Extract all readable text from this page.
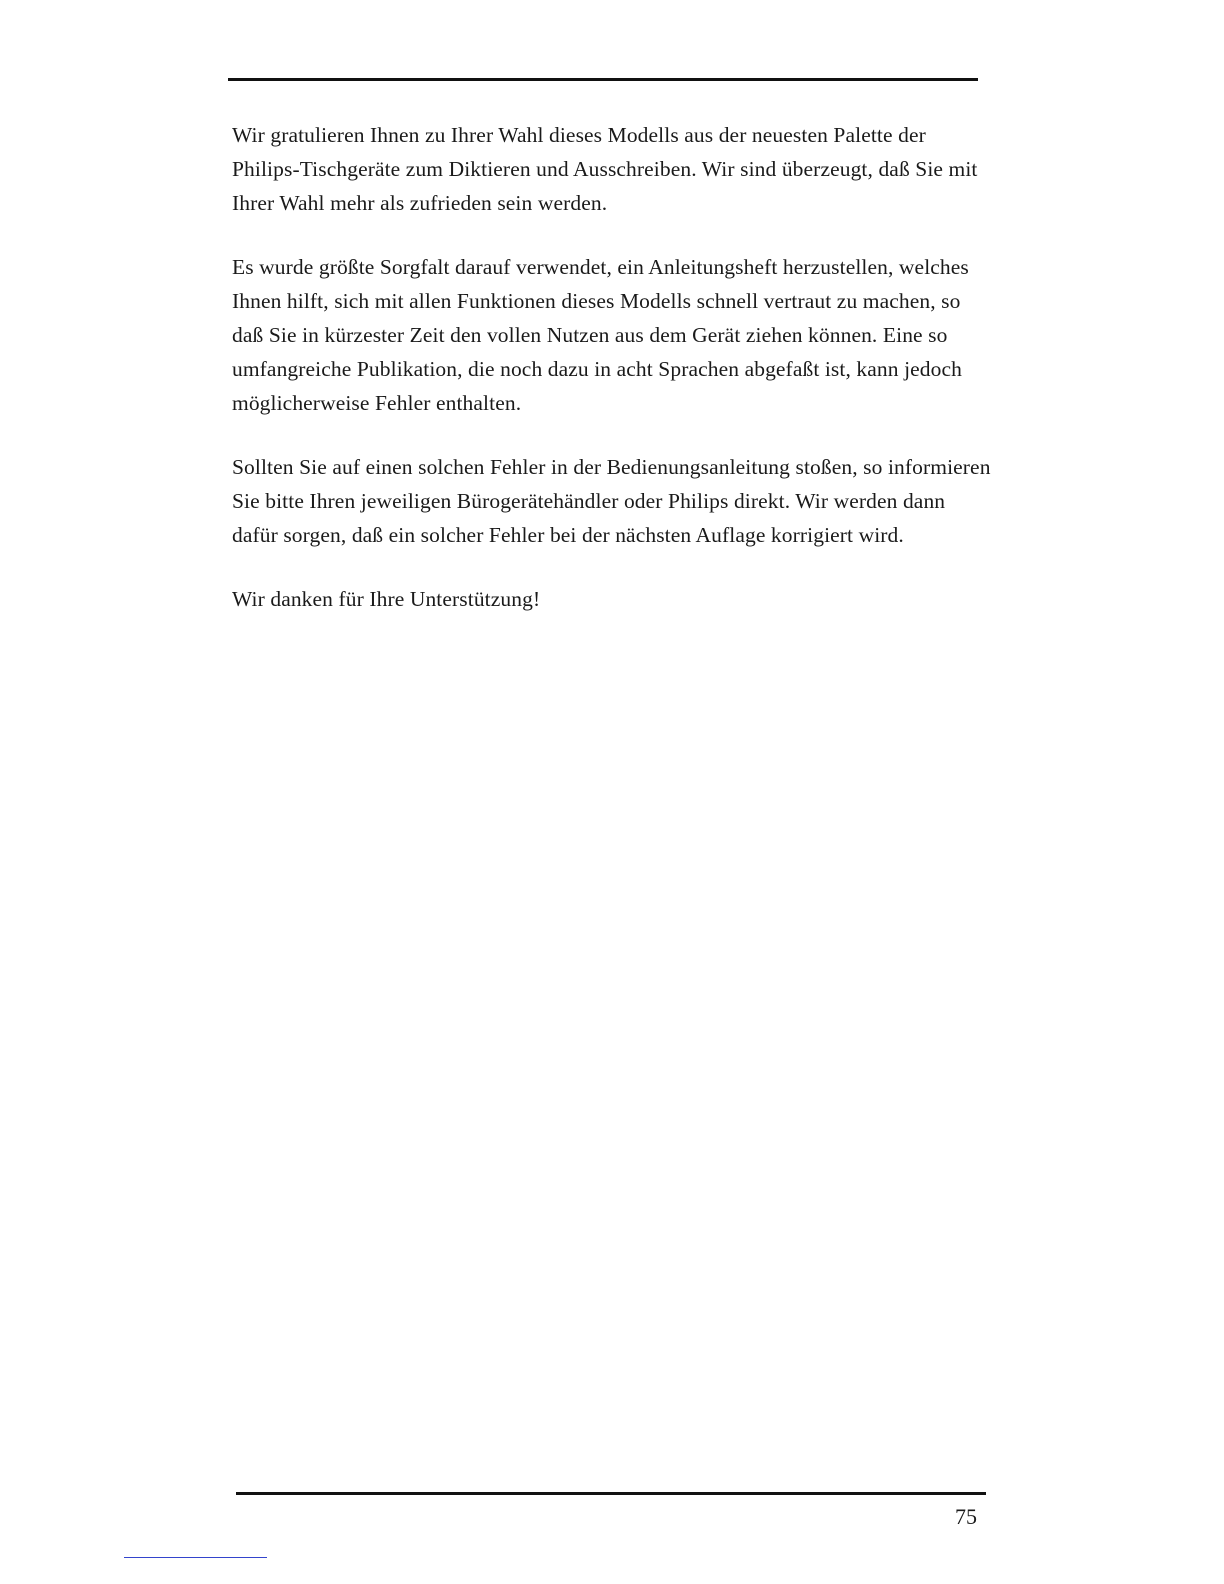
Wir gratulieren Ihnen zu Ihrer Wahl dieses Modells aus der neuesten Palette der Philips-Tischgeräte zum Diktieren und Ausschreiben. Wir sind überzeugt, daß Sie mit Ihrer Wahl mehr als zufrieden sein werden.

Es wurde größte Sorgfalt darauf verwendet, ein Anleitungsheft herzustellen, welches Ihnen hilft, sich mit allen Funktionen dieses Modells schnell vertraut zu machen, so daß Sie in kürzester Zeit den vollen Nutzen aus dem Gerät ziehen können. Eine so umfangreiche Publikation, die noch dazu in acht Sprachen abgefaßt ist, kann jedoch möglicherweise Fehler enthalten.

Sollten Sie auf einen solchen Fehler in der Bedienungsanleitung stoßen, so informieren Sie bitte Ihren jeweiligen Bürogerätehändler oder Philips direkt. Wir werden dann dafür sorgen, daß ein solcher Fehler bei der nächsten Auflage korrigiert wird.

Wir danken für Ihre Unterstützung!

75
